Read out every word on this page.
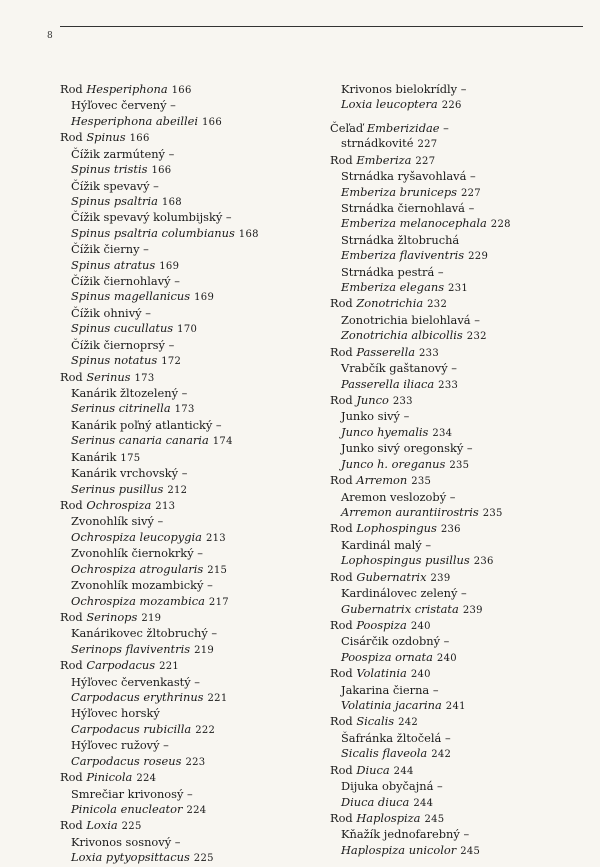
8
Rod Hesperiphona 166
Hýľovec červený –
Hesperiphona abeillei 166
Rod Spinus 166
Čížik zarmútený –
Spinus tristis 166
Čížik spevavý –
Spinus psaltria 168
Čížik spevavý kolumbijský –
Spinus psaltria columbianus 168
Čížik čierny –
Spinus atratus 169
Čížik čiernohlavý –
Spinus magellanicus 169
Čížik ohnivý –
Spinus cucullatus 170
Čížik čiernoprsý –
Spinus notatus 172
Rod Serinus 173
Kanárik žltozelený –
Serinus citrinella 173
Kanárik poľný atlantický –
Serinus canaria canaria 174
Kanárik 175
Kanárik vrchovský –
Serinus pusillus 212
Rod Ochrospiza 213
Zvonohlík sivý –
Ochrospiza leucopygia 213
Zvonohlík čiernokrký –
Ochrospiza atrogularis 215
Zvonohlík mozambický –
Ochrospiza mozambica 217
Rod Serinops 219
Kanárikovec žltobruchý –
Serinops flaviventris 219
Rod Carpodacus 221
Hýľovec červenkastý –
Carpodacus erythrinus 221
Hýľovec horský
Carpodacus rubicilla 222
Hýľovec ružový –
Carpodacus roseus 223
Rod Pinicola 224
Smrečiar krivonosý –
Pinicola enucleator 224
Rod Loxia 225
Krivonos sosnový –
Loxia pytyopsittacus 225
Krivonos bielokrídly –
Loxia leucoptera 226
Čeľaď Emberizidae –
strnádkovité 227
Rod Emberiza 227
Strnádka ryšavohlavá –
Emberiza bruniceps 227
Strnádka čiernohlavá –
Emberiza melanocephala 228
Strnádka žltobruchá
Emberiza flaviventris 229
Strnádka pestrá –
Emberiza elegans 231
Rod Zonotrichia 232
Zonotrichia bielohlavá –
Zonotrichia albicollis 232
Rod Passerella 233
Vrabčík gaštanový –
Passerella iliaca 233
Rod Junco 233
Junko sivý –
Junco hyemalis 234
Junko sivý oregonský –
Junco h. oreganus 235
Rod Arremon 235
Aremon veslozobý –
Arremon aurantiirostris 235
Rod Lophospingus 236
Kardinál malý –
Lophospingus pusillus 236
Rod Gubernatrix 239
Kardinálovec zelený –
Gubernatrix cristata 239
Rod Poospiza 240
Cisárčik ozdobný –
Poospiza ornata 240
Rod Volatinia 240
Jakarina čierna –
Volatinia jacarina 241
Rod Sicalis 242
Šafránka žltočelá –
Sicalis flaveola 242
Rod Diuca 244
Dijuka obyčajná –
Diuca diuca 244
Rod Haplospiza 245
Kňažík jednofarebný –
Haplospiza unicolor 245
